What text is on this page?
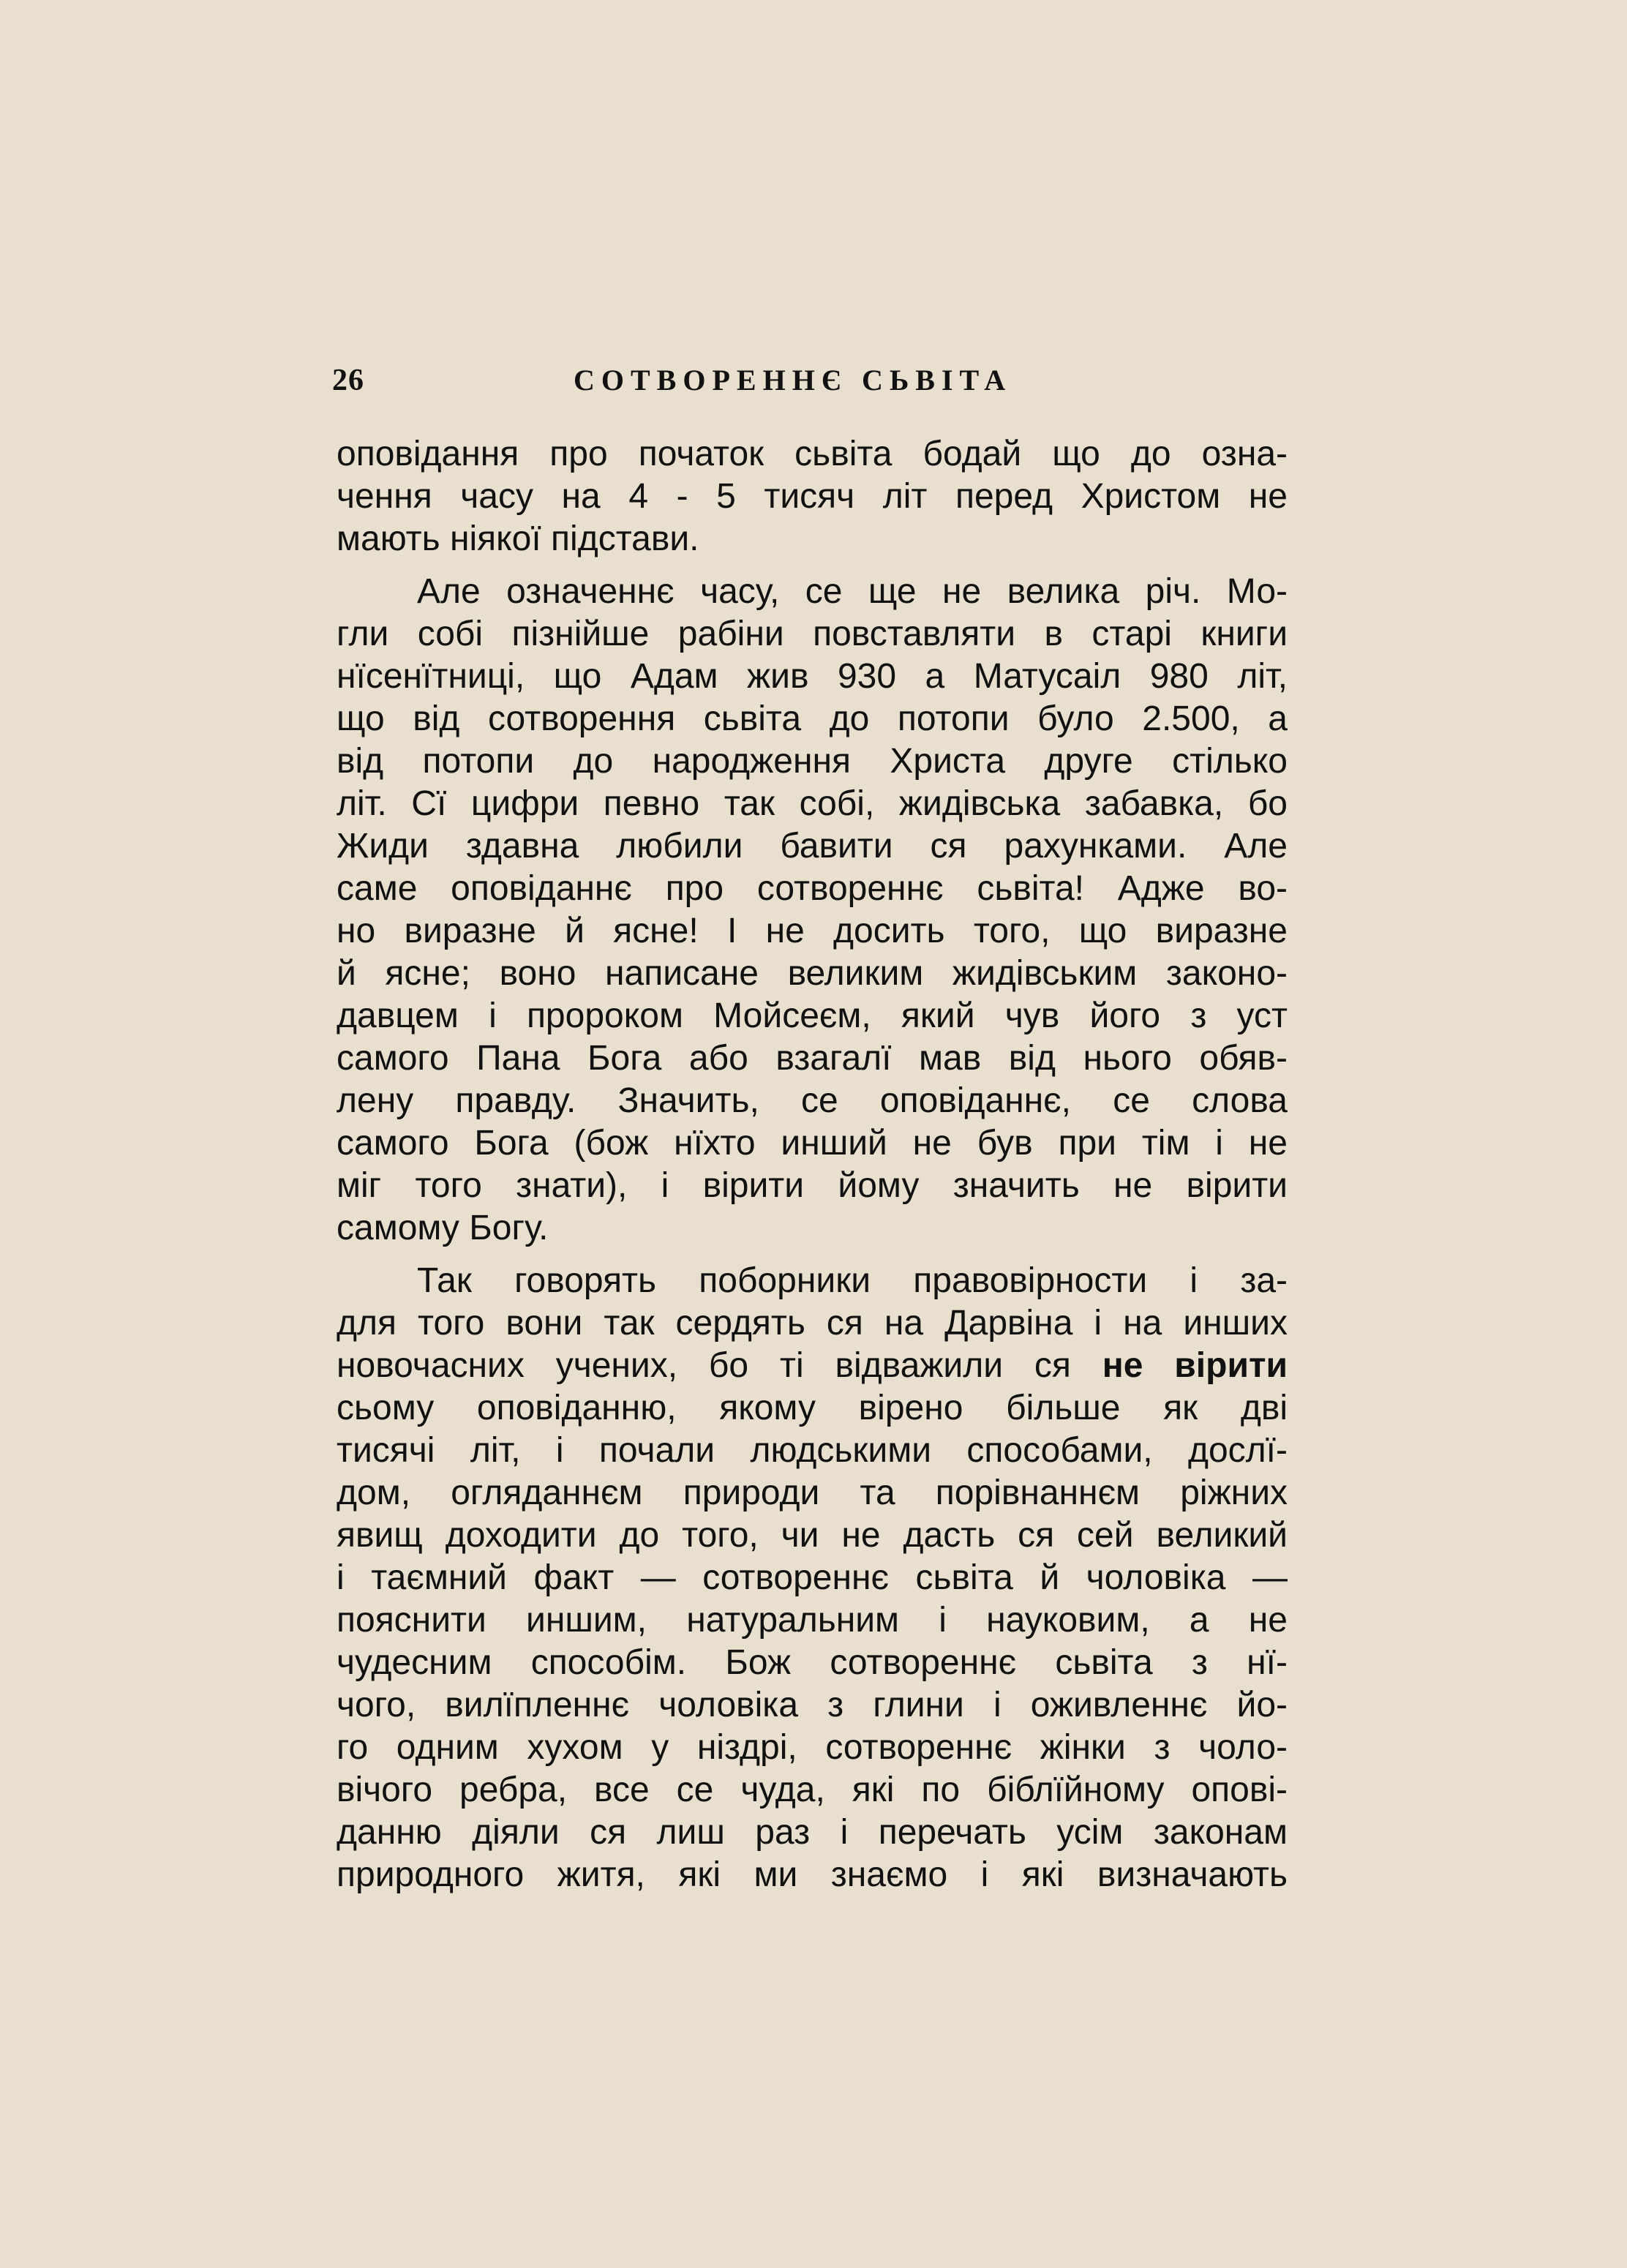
26	СОТВОРЕННЄ СЬВІТА
оповідання про початок сьвіта бодай що до озна-
чення часу на 4 - 5 тисяч літ перед Христом не
мають ніякої підстави.
Але означеннє часу, се ще не велика річ. Мо-
гли собі пізнійше рабіни повставляти в старі книги
нїсенїтниці, що Адам жив 930 а Матусаіл 980 літ,
що від сотворення сьвіта до потопи було 2.500, а
від потопи до народження Христа друге стілько
літ. Сї цифри певно так собі, жидівська забавка, бо
Жиди здавна любили бавити ся рахунками. Але
саме оповіданнє про сотвореннє сьвіта! Адже во-
но виразне й ясне! І не досить того, що виразне
й ясне; воно написане великим жидівським законо-
давцем і пророком Мойсеєм, який чув його з уст
самого Пана Бога або взагалї мав від нього обяв-
лену правду. Значить, се оповіданнє, се слова
самого Бога (бож нїхто инший не був при тім і не
міг того знати), і вірити йому значить не вірити
самому Богу.
Так говорять поборники правовірности і за-
для того вони так сердять ся на Дарвіна і на инших
новочасних учених, бо ті відважили ся не вірити
сьому оповіданню, якому вірено більше як дві
тисячі літ, і почали людськими способами, дослї-
дом, огляданнєм природи та порівнаннєм ріжних
явищ доходити до того, чи не дасть ся сей великий
і таємний факт — сотвореннє сьвіта й чоловіка —
пояснити иншим, натуральним і науковим, а не
чудесним способім. Бож сотвореннє сьвіта з нї-
чого, вилїпленнє чоловіка з глини і оживленнє йо-
го одним хухом у ніздрі, сотвореннє жінки з чоло-
вічого ребра, все се чуда, які по біблїйному опові-
данню діяли ся лиш раз і перечать усім законам
природного житя, які ми знаємо і які визначають
